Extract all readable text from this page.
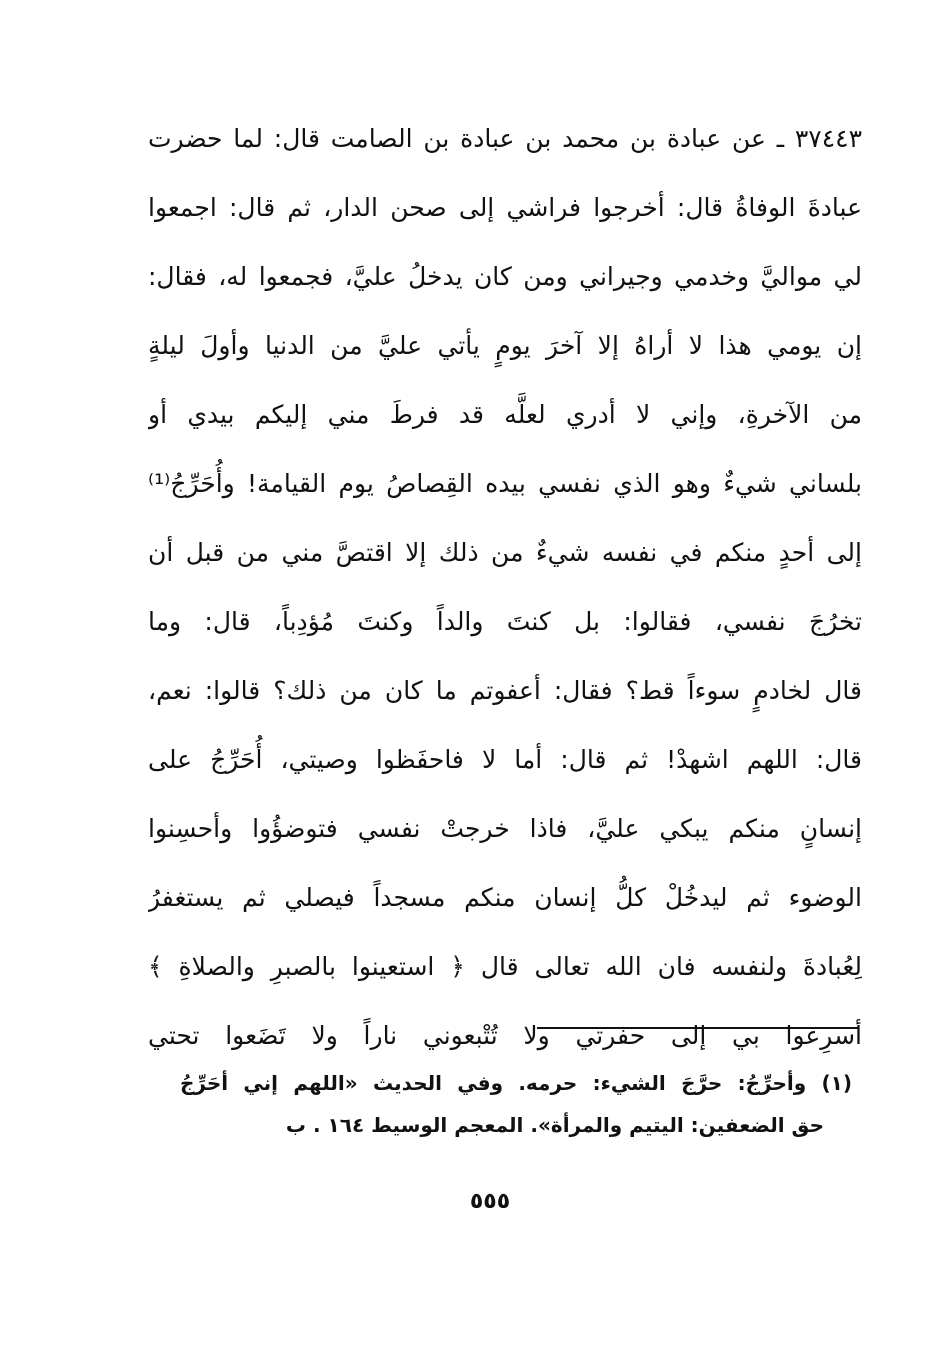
٣٧٤٤٣ ـ عن عبادة بن محمد بن عبادة بن الصامت قال: لما حضرت
عبادةَ الوفاةُ قال: أخرجوا فراشي إلى صحن الدار، ثم قال: اجمعوا
لي مواليَّ وخدمي وجيراني ومن كان يدخلُ عليَّ، فجمعوا له، فقال:
إن يومي هذا لا أراهُ إلا آخرَ يومٍ يأتي عليَّ من الدنيا وأولَ ليلةٍ
من الآخرةِ، وإني لا أدري لعلَّه قد فرطَ مني إليكم بيدي أو
بلساني شيءٌ وهو الذي نفسي بيده القِصاصُ يوم القيامة! وأُحَرِّجُ⁽¹⁾
إلى أحدٍ منكم في نفسه شيءٌ من ذلك إلا اقتصَّ مني من قبل أن
تخرُجَ نفسي، فقالوا: بل كنتَ والداً وكنتَ مُؤدِباً، قال: وما
قال لخادمٍ سوءاً قط؟ فقال: أعفوتم ما كان من ذلك؟ قالوا: نعم،
قال: اللهم اشهدْ! ثم قال: أما لا فاحفَظوا وصيتي، أُحَرِّجُ على
إنسانٍ منكم يبكي عليَّ، فاذا خرجتْ نفسي فتوضؤُوا وأحسِنوا
الوضوء ثم ليدخُلْ كلُّ إنسان منكم مسجداً فيصلي ثم يستغفرُ
لِعُبادةَ ولنفسه فان الله تعالى قال ﴿ استعينوا بالصبرِ والصلاةِ ﴾
أسرِعوا بي إلى حفرتي ولا تُتْبعوني ناراً ولا تَضَعوا تحتي
(١) وأحرِّجُ: حرَّجَ الشيء: حرمه. وفي الحديث «اللهم إني أحَرِّجُ
حق الضعفين: اليتيم والمرأة». المعجم الوسيط ١٦٤ . ب
٥٥٥
